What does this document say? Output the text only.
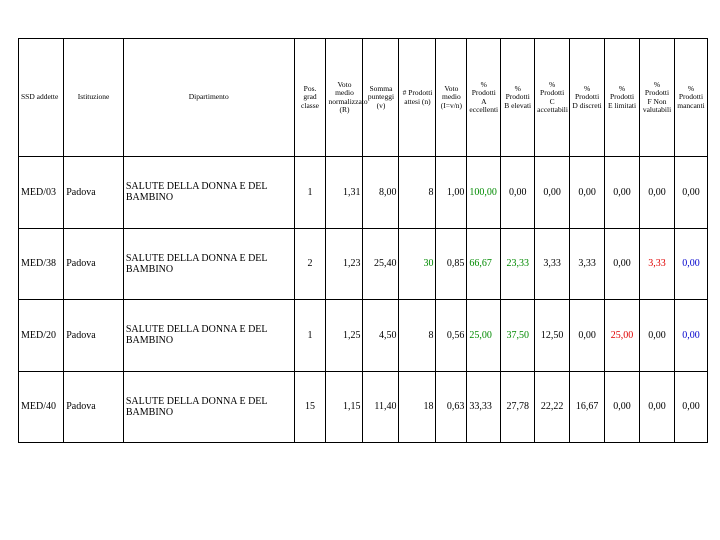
SSD addette	Istituzione	Dipartimento	Pos. grad classe	Voto medio normalizzato (R)	Somma punteggi (v)	# Prodotti attesi (n)	Voto medio (I=v/n)	% Prodotti A eccellenti	% Prodotti B elevati	% Prodotti C accettabili	% Prodotti D discreti	% Prodotti E limitati	% Prodotti F Non valutabili	% Prodotti mancanti
MED/03	Padova	SALUTE DELLA DONNA E DEL BAMBINO	1	1,31	8,00	8	1,00	100,00	0,00	0,00	0,00	0,00	0,00	0,00
MED/38	Padova	SALUTE DELLA DONNA E DEL BAMBINO	2	1,23	25,40	30	0,85	66,67	23,33	3,33	3,33	0,00	3,33	0,00
MED/20	Padova	SALUTE DELLA DONNA E DEL BAMBINO	1	1,25	4,50	8	0,56	25,00	37,50	12,50	0,00	25,00	0,00	0,00
MED/40	Padova	SALUTE DELLA DONNA E DEL BAMBINO	15	1,15	11,40	18	0,63	33,33	27,78	22,22	16,67	0,00	0,00	0,00
